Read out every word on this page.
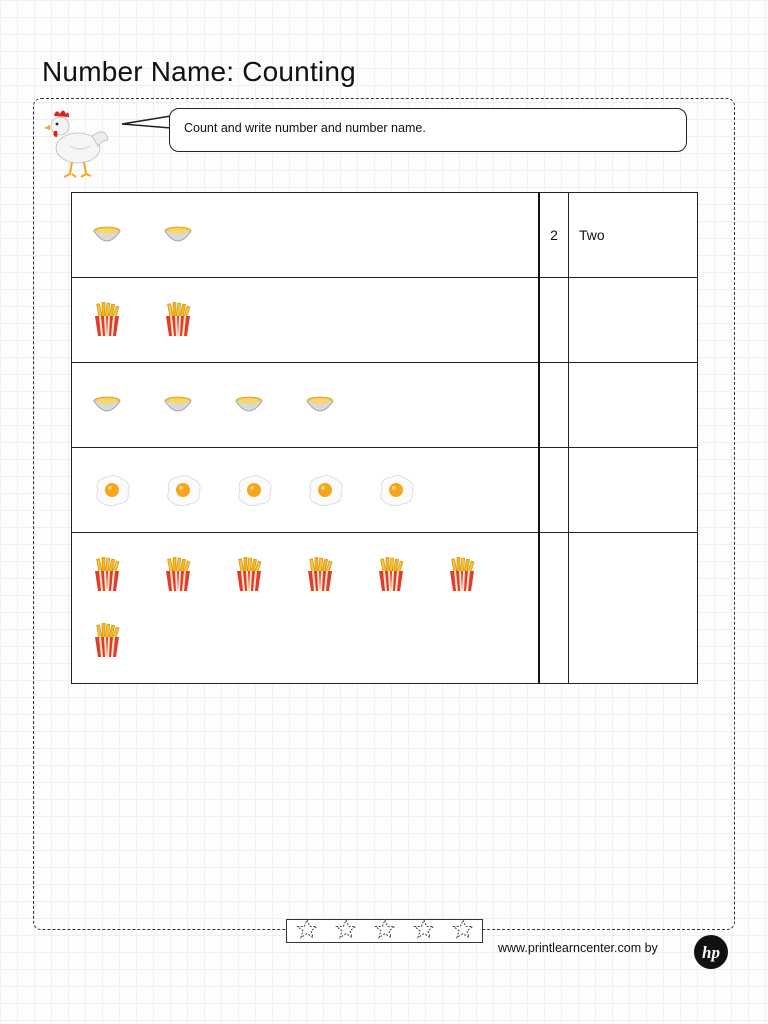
Number Name: Counting
Count and write number and number name.
	2	Two

www.printlearncenter.com by	hp
